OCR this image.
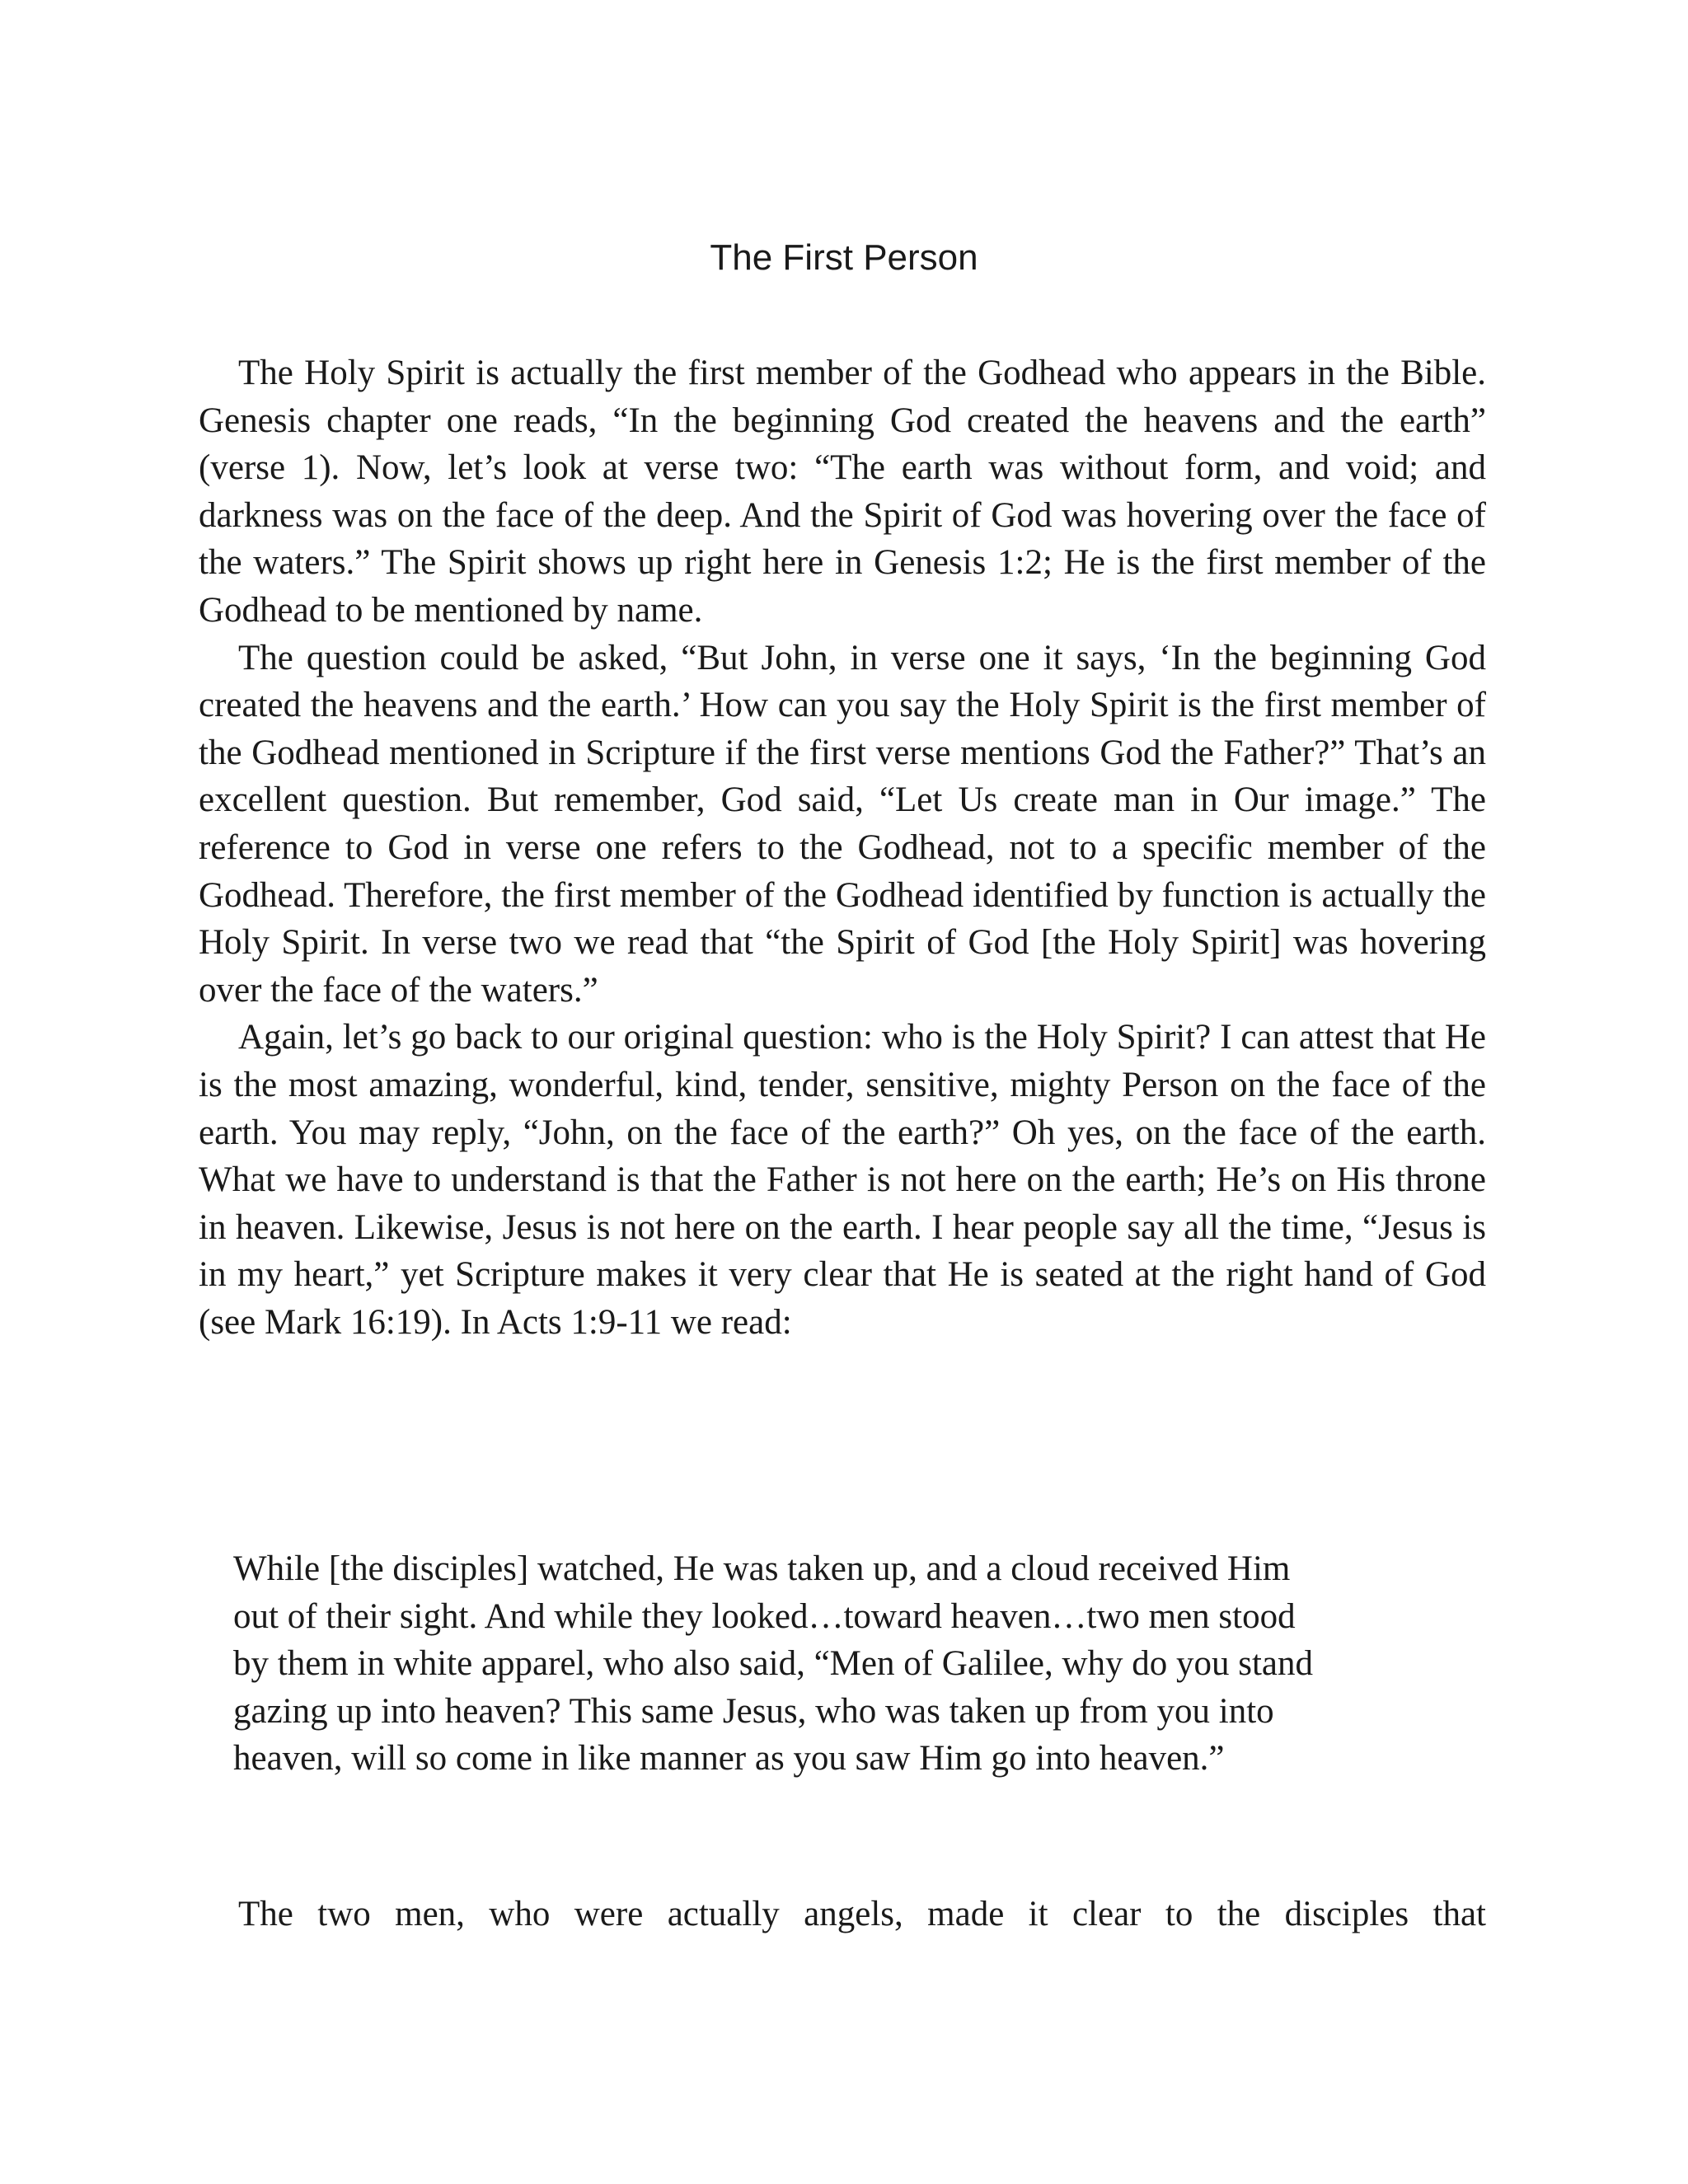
The First Person

The Holy Spirit is actually the first member of the Godhead who appears in the Bible. Genesis chapter one reads, “In the beginning God created the heavens and the earth” (verse 1). Now, let’s look at verse two: “The earth was without form, and void; and darkness was on the face of the deep. And the Spirit of God was hovering over the face of the waters.” The Spirit shows up right here in Genesis 1:2; He is the first member of the Godhead to be mentioned by name.

The question could be asked, “But John, in verse one it says, ‘In the beginning God created the heavens and the earth.’ How can you say the Holy Spirit is the first member of the Godhead mentioned in Scripture if the first verse mentions God the Father?” That’s an excellent question. But remember, God said, “Let Us create man in Our image.” The reference to God in verse one refers to the Godhead, not to a specific member of the Godhead. Therefore, the first member of the Godhead identified by function is actually the Holy Spirit. In verse two we read that “the Spirit of God [the Holy Spirit] was hovering over the face of the waters.”

Again, let’s go back to our original question: who is the Holy Spirit? I can attest that He is the most amazing, wonderful, kind, tender, sensitive, mighty Person on the face of the earth. You may reply, “John, on the face of the earth?” Oh yes, on the face of the earth. What we have to understand is that the Father is not here on the earth; He’s on His throne in heaven. Likewise, Jesus is not here on the earth. I hear people say all the time, “Jesus is in my heart,” yet Scripture makes it very clear that He is seated at the right hand of God (see Mark 16:19). In Acts 1:9-11 we read:

While [the disciples] watched, He was taken up, and a cloud received Him

out of their sight. And while they looked…toward heaven…two men stood

by them in white apparel, who also said, “Men of Galilee, why do you stand

gazing up into heaven? This same Jesus, who was taken up from you into

heaven, will so come in like manner as you saw Him go into heaven.”

The two men, who were actually angels, made it clear to the disciples that
